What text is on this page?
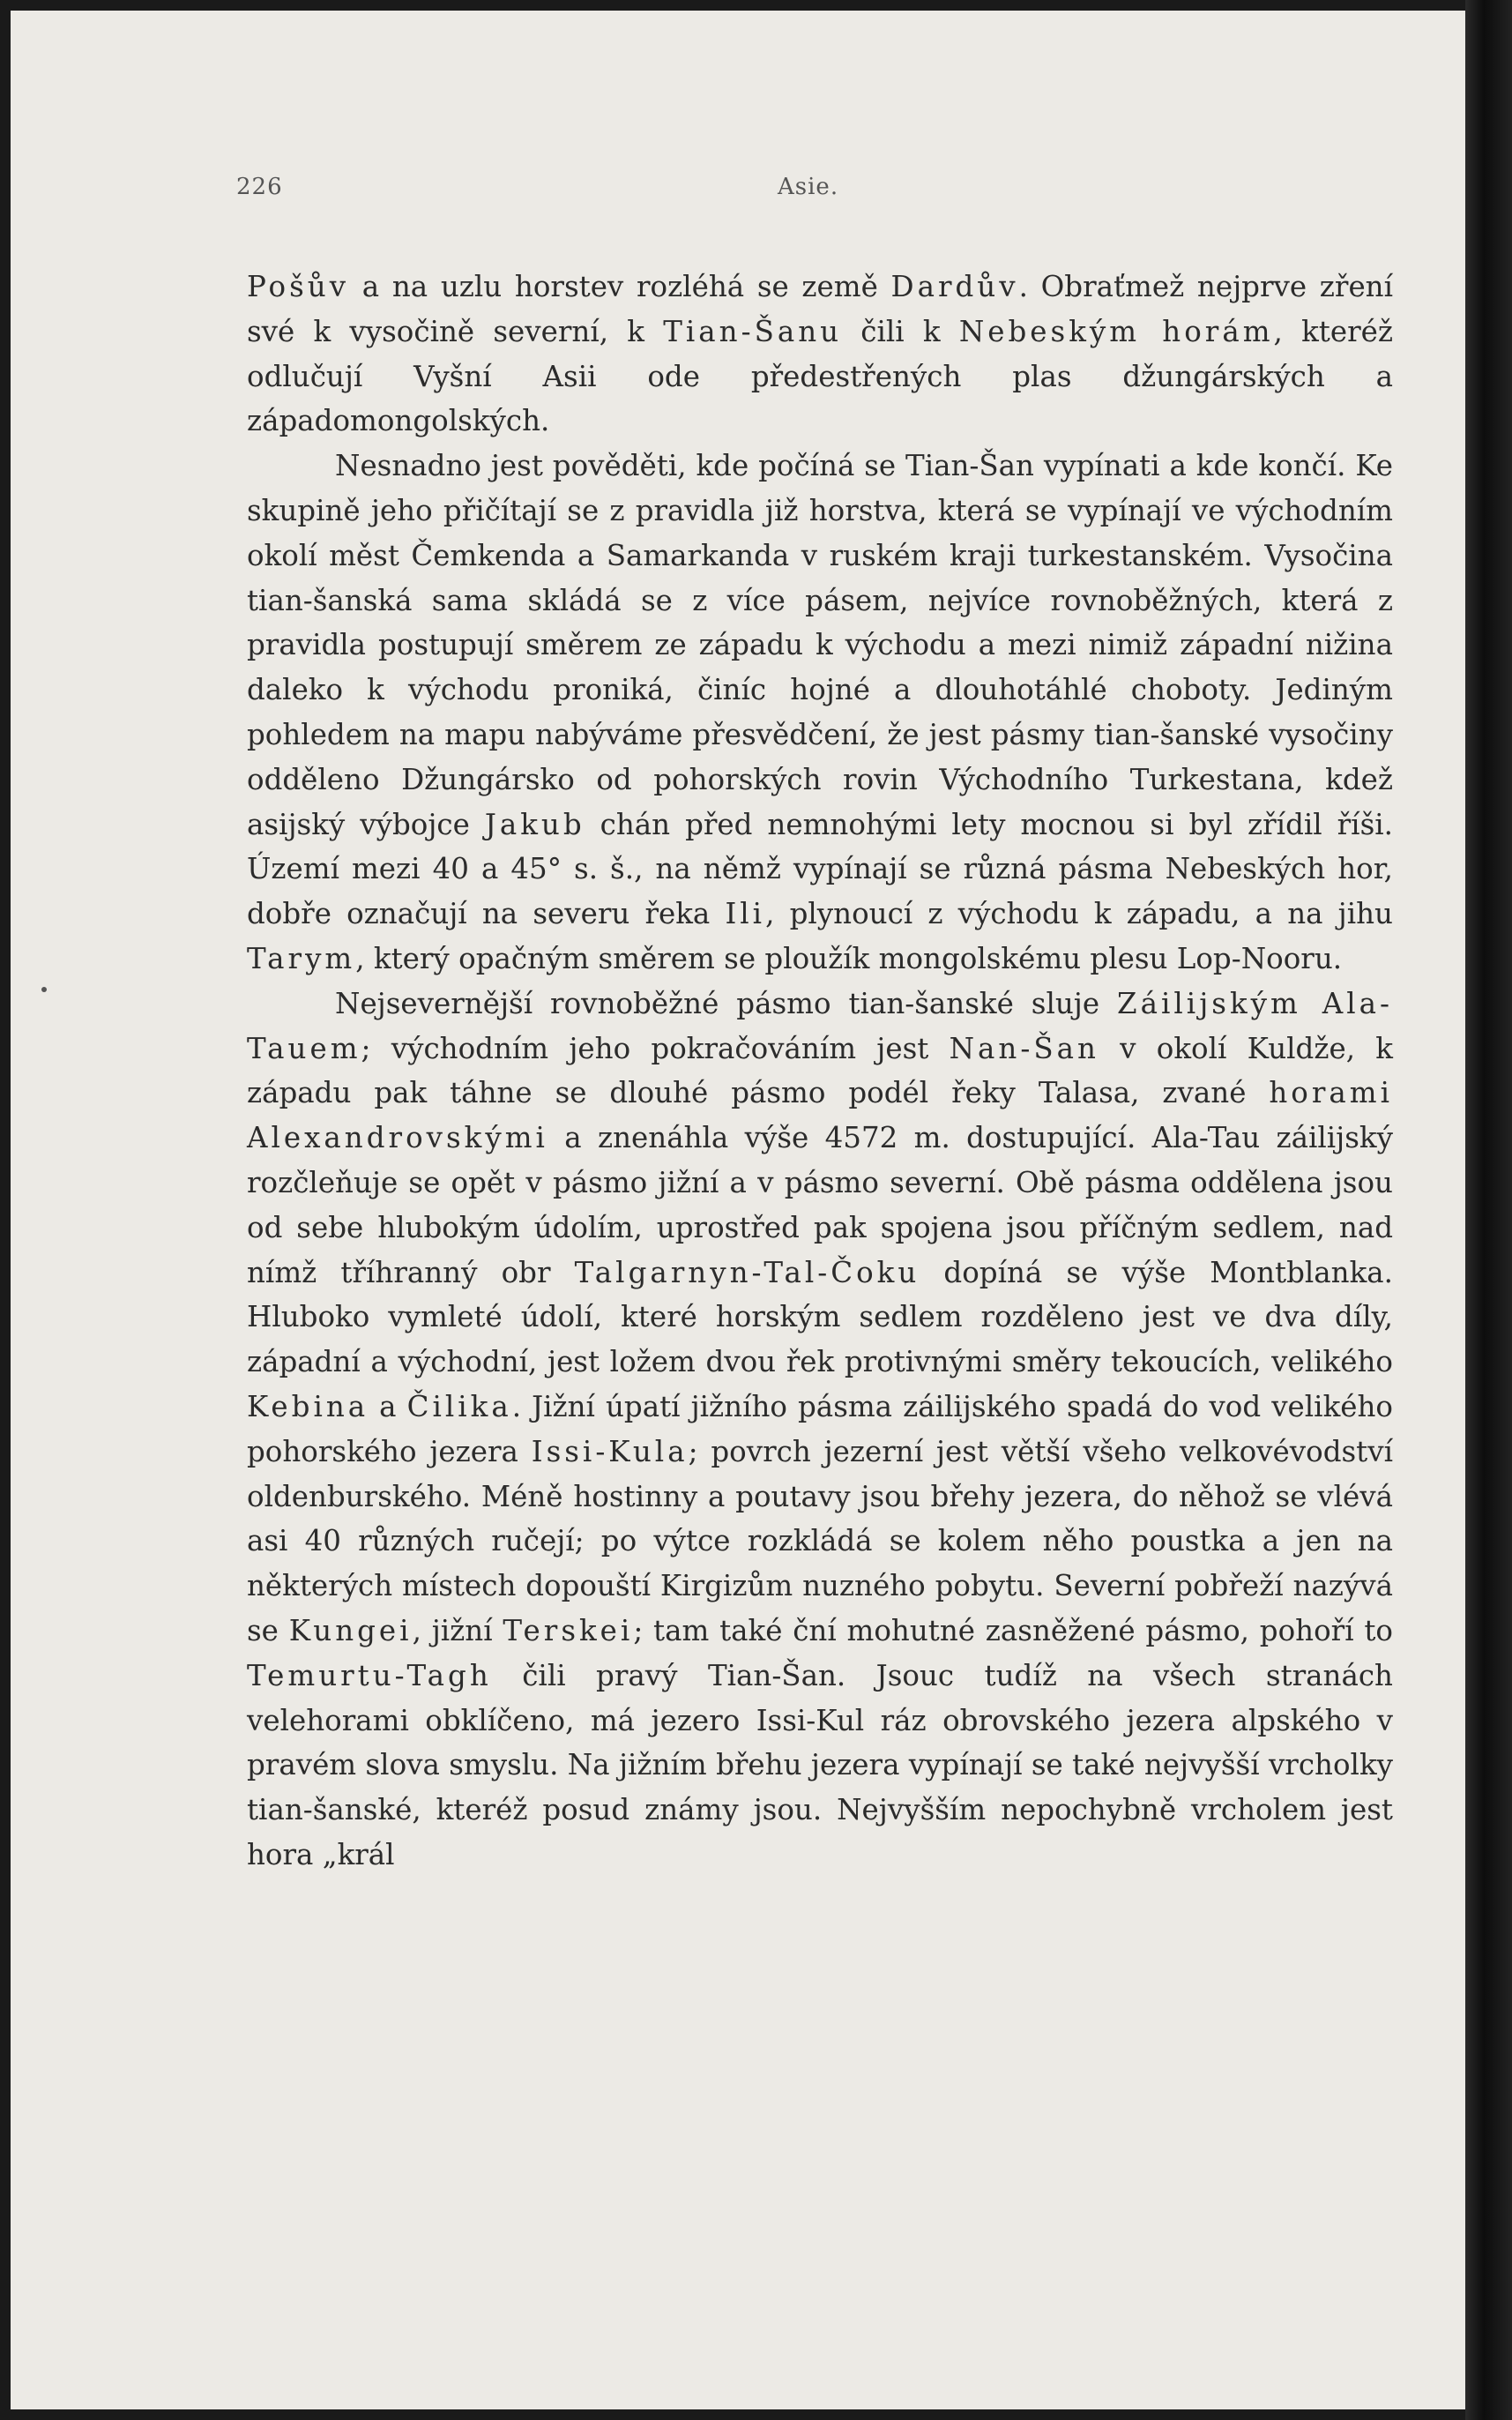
226	Asie.

Pošův a na uzlu horstev rozléhá se země Dardův. Obraťmež nejprve zření své k vysočině severní, k Tian-Šanu čili k Nebeským horám, kteréž odlučují Vyšní Asii ode předestřených plas džungárských a západomongolských.

Nesnadno jest pověděti, kde počíná se Tian-Šan vypínati a kde končí. Ke skupině jeho přičítají se z pravidla již horstva, která se vypínají ve východním okolí měst Čemkenda a Samarkanda v ruském kraji turkestanském. Vysočina tian-šanská sama skládá se z více pásem, nejvíce rovnoběžných, která z pravidla postupují směrem ze západu k východu a mezi nimiž západní nižina daleko k východu proniká, činíc hojné a dlouhotáhlé choboty. Jediným pohledem na mapu nabýváme přesvědčení, že jest pásmy tian-šanské vysočiny odděleno Džungársko od pohorských rovin Východního Turkestana, kdež asijský výbojce Jakub chán před nemnohými lety mocnou si byl zřídil říši. Území mezi 40 a 45° s. š., na němž vypínají se různá pásma Nebeských hor, dobře označují na severu řeka Ili, plynoucí z východu k západu, a na jihu Tarym, který opačným směrem se ploužík mongolskému plesu Lop-Nooru.

Nejsevernější rovnoběžné pásmo tian-šanské sluje Záilijským Ala-Tauem; východním jeho pokračováním jest Nan-Šan v okolí Kuldže, k západu pak táhne se dlouhé pásmo podél řeky Talasa, zvané horami Alexandrovskými a znenáhla výše 4572 m. dostupující. Ala-Tau záilijský rozčleňuje se opět v pásmo jižní a v pásmo severní. Obě pásma oddělena jsou od sebe hlubokým údolím, uprostřed pak spojena jsou příčným sedlem, nad nímž tříhranný obr Talgarnyn-Tal-Čoku dopíná se výše Montblanka. Hluboko vymleté údolí, které horským sedlem rozděleno jest ve dva díly, západní a východní, jest ložem dvou řek protivnými směry tekoucích, velikého Kebina a Čilika. Jižní úpatí jižního pásma záilijského spadá do vod velikého pohorského jezera Issi-Kula; povrch jezerní jest větší všeho velkovévodství oldenburského. Méně hostinny a poutavy jsou břehy jezera, do něhož se vlévá asi 40 různých ručejí; po výtce rozkládá se kolem něho poustka a jen na některých místech dopouští Kirgizům nuzného pobytu. Severní pobřeží nazývá se Kungei, jižní Terskei; tam také ční mohutné zasněžené pásmo, pohoří to Temurtu-Tagh čili pravý Tian-Šan. Jsouc tudíž na všech stranách velehorami obklíčeno, má jezero Issi-Kul ráz obrovského jezera alpského v pravém slova smyslu. Na jižním břehu jezera vypínají se také nejvyšší vrcholky tian-šanské, kteréž posud známy jsou. Nejvyšším nepochybně vrcholem jest hora „král
